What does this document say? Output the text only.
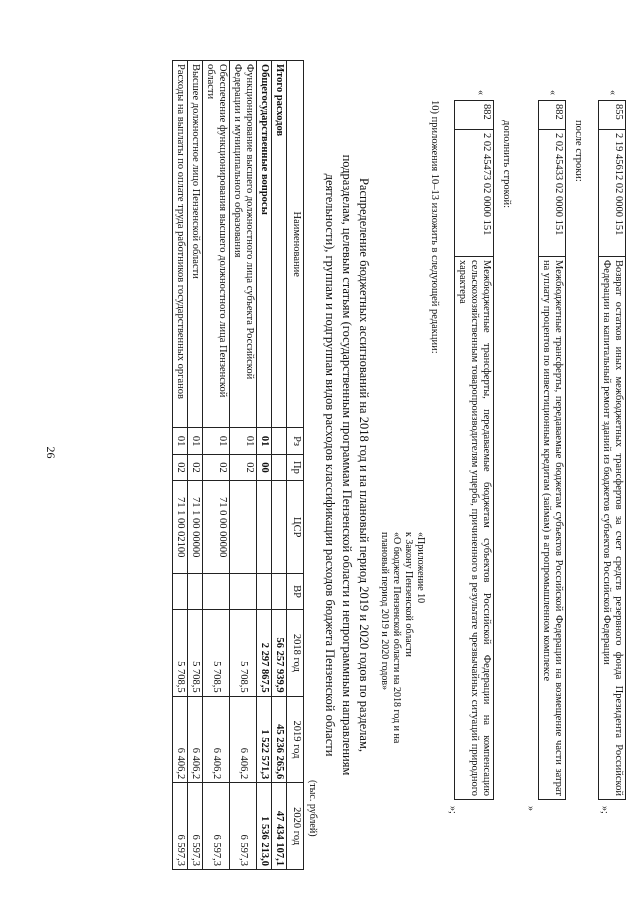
26
«
855	2 19 45612 02 0000 151	Возврат остатков иных межбюджетных трансфертов за счет средств резервного фонда Президента Российской Федерации на капитальный ремонт зданий из бюджетов субъектов Российской Федерации
»;
после строки:
«
882	2 02 45433 02 0000 151	Межбюджетные трансферты, передаваемые бюджетам субъектов Российской Федерации на возмещение части затрат на уплату процентов по инвестиционным кредитам (займам) в агропромышленном комплексе
»
дополнить строкой:
«
882	2 02 45473 02 0000 151	Межбюджетные трансферты, передаваемые бюджетам субъектов Российской Федерации на компенсацию сельскохозяйственным товаропроизводителям ущерба, причиненного в результате чрезвычайных ситуаций природного характера
»;
10) приложения 10–13 изложить в следующей редакции:
«Приложение 10
к Закону Пензенской области
«О бюджете Пензенской области на 2018 год и на
плановый период 2019 и 2020 годов»
Распределение бюджетных ассигнований на 2018 год и на плановый период 2019 и 2020 годов по разделам,
подразделам, целевым статьям (государственным программам Пензенской области и непрограммным направлениям
деятельности), группам и подгруппам видов расходов классификации расходов бюджета Пензенской области
(тыс. рублей)
Наименование	Рз	Пр	ЦСР	ВР	2018 год	2019 год	2020 год
Итого расходов					56 257 939,9	45 236 265,6	47 434 107,1
Общегосударственные вопросы	01	00			2 297 867,5	1 522 571,3	1 536 213,0
Функционирование высшего должностного лица субъекта Российской Федерации и муниципального образования	01	02			5 708,5	6 406,2	6 597,3
Обеспечение функционирования высшего должностного лица Пензенской области	01	02	71 0 00 00000		5 708,5	6 406,2	6 597,3
Высшее должностное лицо Пензенской области	01	02	71 1 00 00000		5 708,5	6 406,2	6 597,3
Расходы на выплаты по оплате труда работников государственных органов	01	02	71 1 00 02100		5 708,5	6 406,2	6 597,3
